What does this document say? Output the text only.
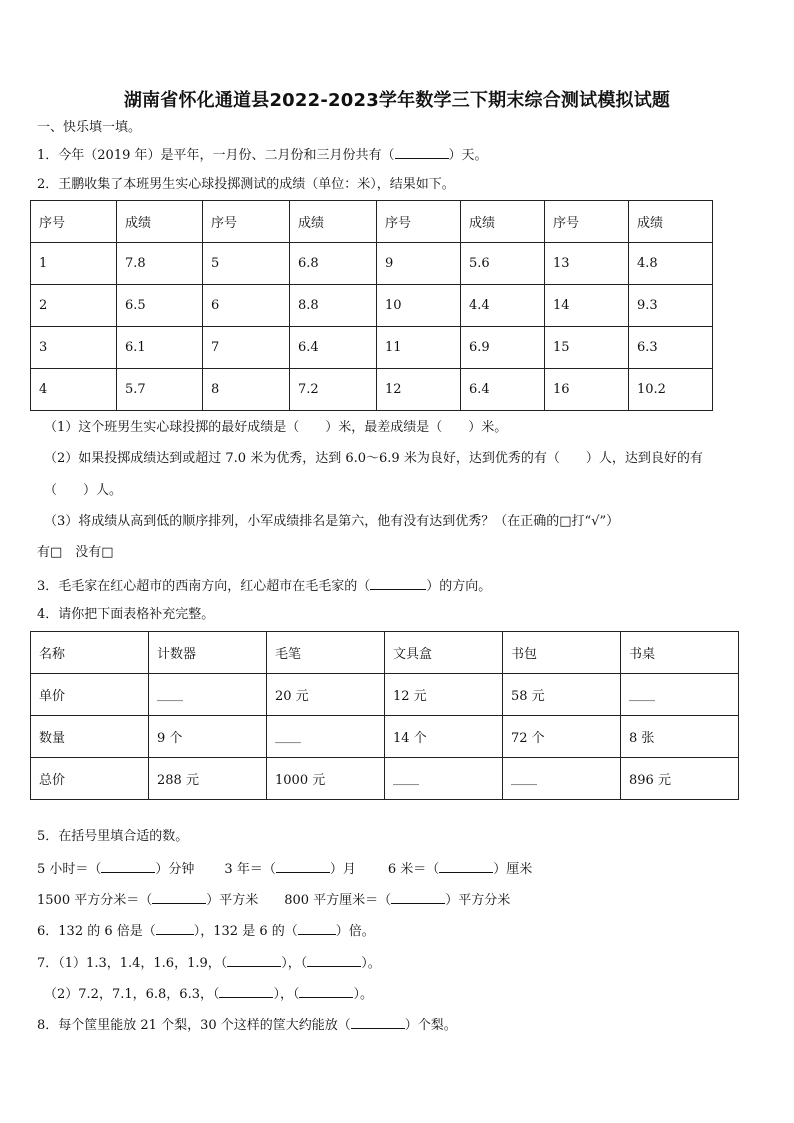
湖南省怀化通道县2022-2023学年数学三下期末综合测试模拟试题
一、快乐填一填。
1．今年（2019 年）是平年，一月份、二月份和三月份共有（	）天。
2．王鹏收集了本班男生实心球投掷测试的成绩（单位：米），结果如下。
序号	成绩	序号	成绩	序号	成绩	序号	成绩
1	7.8	5	6.8	9	5.6	13	4.8
2	6.5	6	8.8	10	4.4	14	9.3
3	6.1	7	6.4	11	6.9	15	6.3
4	5.7	8	7.2	12	6.4	16	10.2
（1）这个班男生实心球投掷的最好成绩是（　　）米，最差成绩是（　　）米。
（2）如果投掷成绩达到或超过 7.0 米为优秀，达到 6.0～6.9 米为良好，达到优秀的有（　　）人，达到良好的有
（　　）人。
（3）将成绩从高到低的顺序排列，小军成绩排名是第六，他有没有达到优秀？（在正确的□打“√”）
有□　没有□
3．毛毛家在红心超市的西南方向，红心超市在毛毛家的（	）的方向。
4．请你把下面表格补充完整。
名称	计数器	毛笔	文具盒	书包	书桌
单价	____	20 元	12 元	58 元	____
数量	9 个	____	14 个	72 个	8 张
总价	288 元	1000 元	____	____	896 元
5．在括号里填合适的数。
5 小时＝（	）分钟 3 年＝（	）月 6 米＝（	）厘米
1500 平方分米＝（	）平方米 800 平方厘米＝（	）平方分米
6．132 的 6 倍是（	），132 是 6 的（	）倍。
7．（1）1.3，1.4，1.6，1.9，（	），（	）。
（2）7.2，7.1，6.8，6.3，（	），（	）。
8．每个筐里能放 21 个梨，30 个这样的筐大约能放（	）个梨。
